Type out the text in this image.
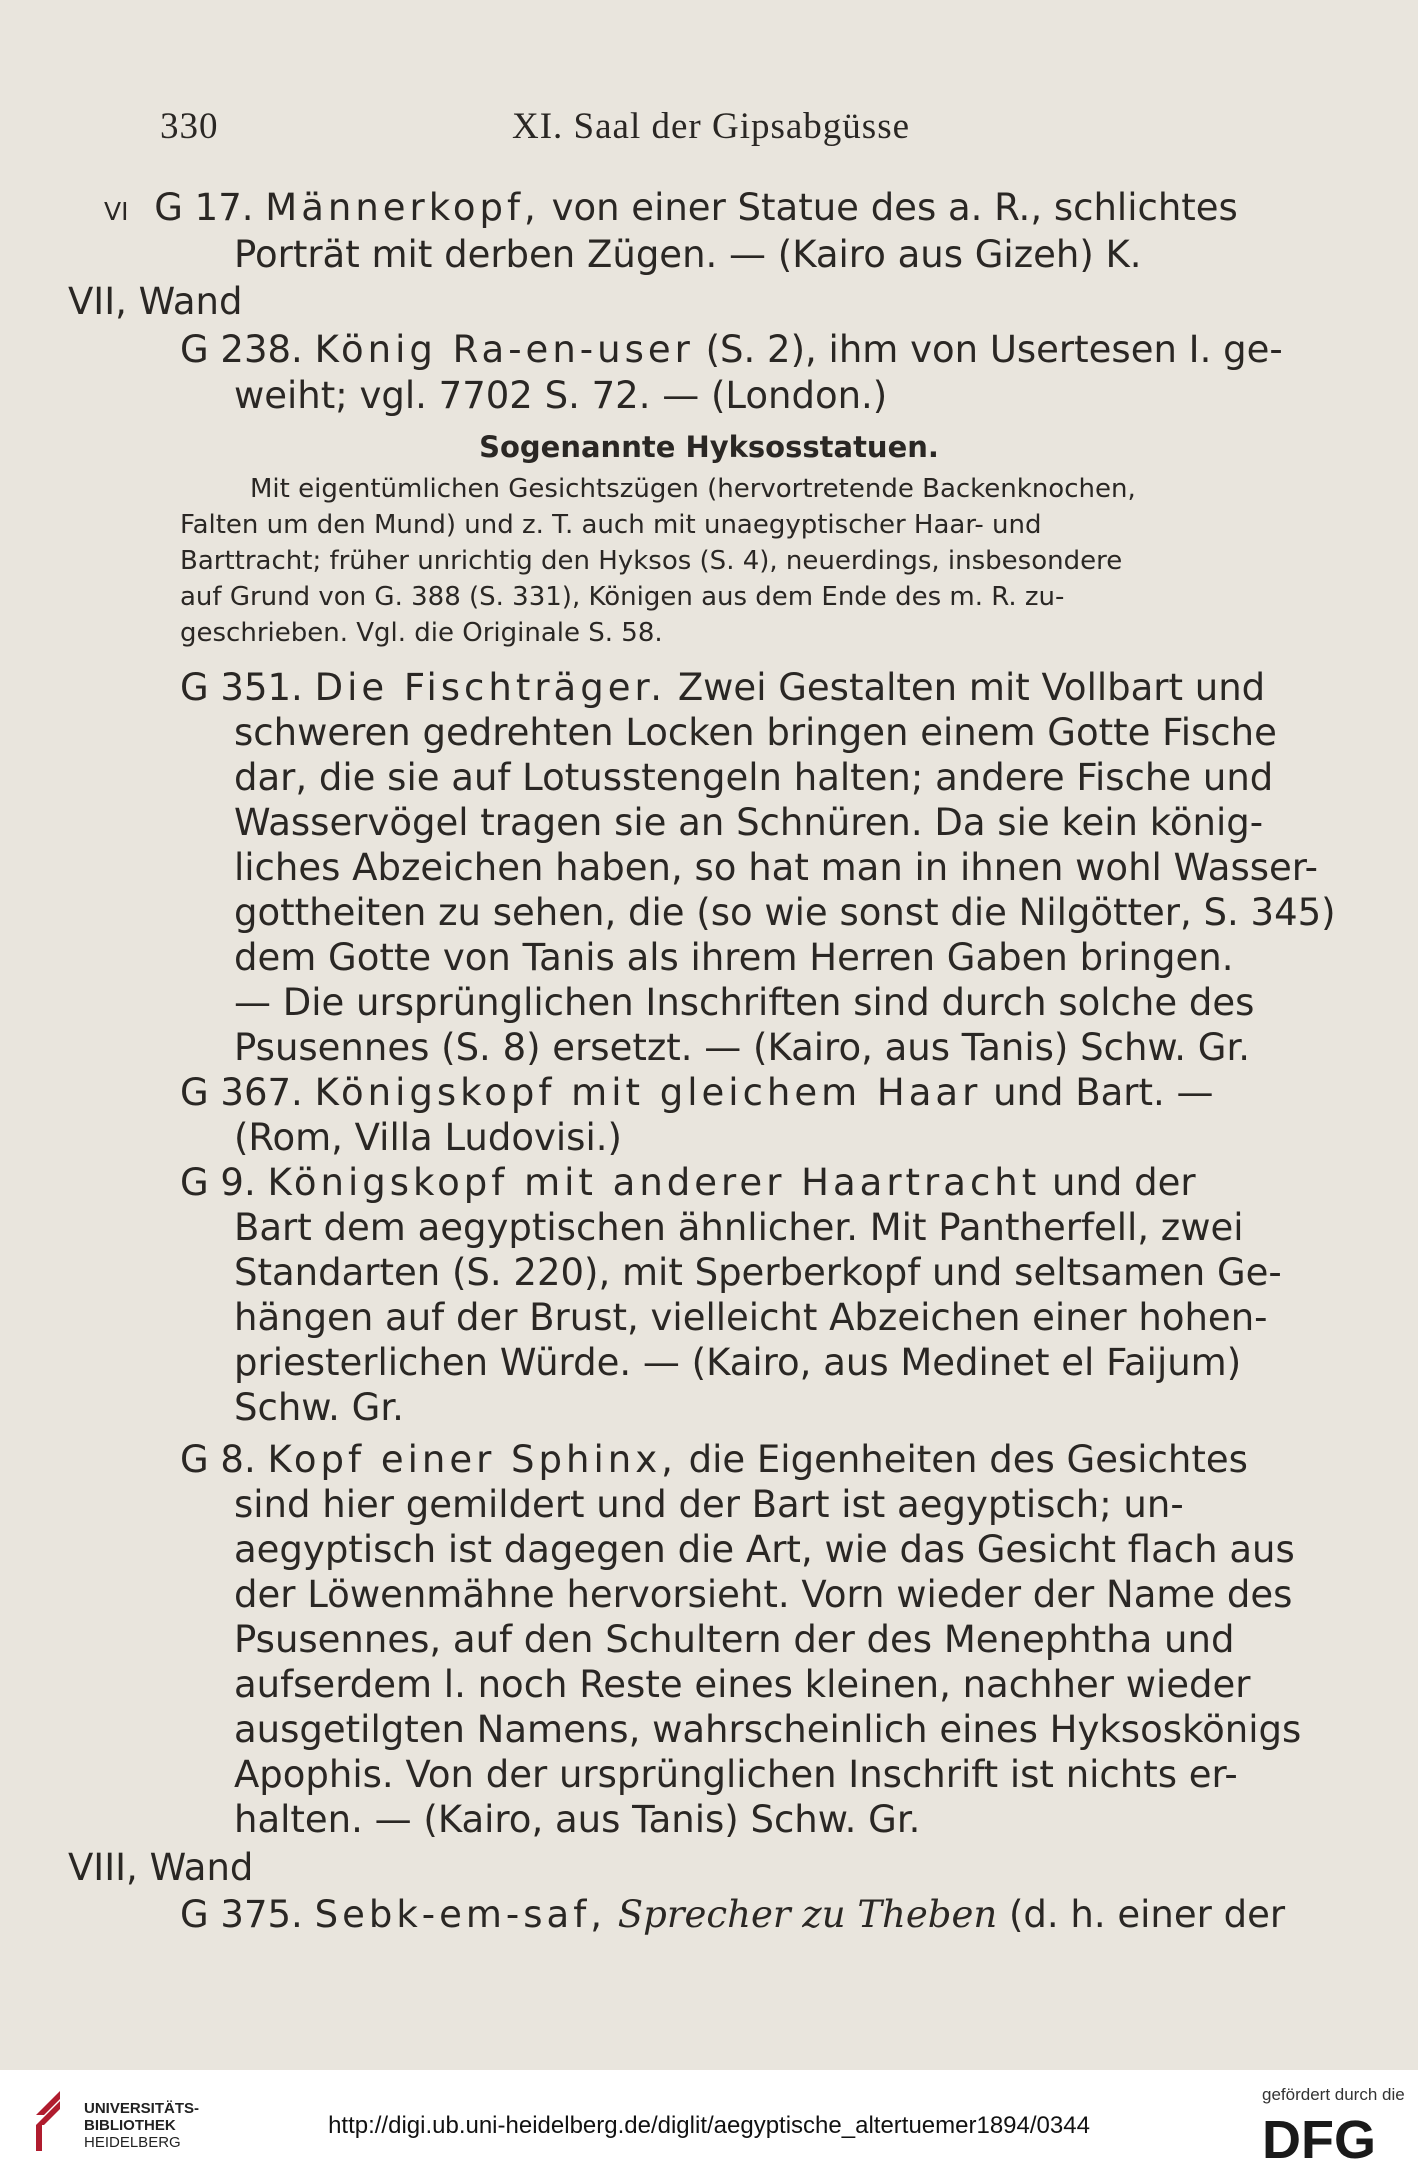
330	XI. Saal der Gipsabgüsse
VI G 17. Männerkopf, von einer Statue des a. R., schlichtes
Porträt mit derben Zügen. — (Kairo aus Gizeh) K.
VII, Wand
G 238. König Ra-en-user (S. 2), ihm von Usertesen I. ge-
weiht; vgl. 7702 S. 72. — (London.)
Sogenannte Hyksosstatuen.
Mit eigentümlichen Gesichtszügen (hervortretende Backenknochen,
Falten um den Mund) und z. T. auch mit unaegyptischer Haar- und
Barttracht; früher unrichtig den Hyksos (S. 4), neuerdings, insbesondere
auf Grund von G. 388 (S. 331), Königen aus dem Ende des m. R. zu-
geschrieben. Vgl. die Originale S. 58.
G 351. Die Fischträger. Zwei Gestalten mit Vollbart und
schweren gedrehten Locken bringen einem Gotte Fische
dar, die sie auf Lotusstengeln halten; andere Fische und
Wasservögel tragen sie an Schnüren. Da sie kein könig-
liches Abzeichen haben, so hat man in ihnen wohl Wasser-
gottheiten zu sehen, die (so wie sonst die Nilgötter, S. 345)
dem Gotte von Tanis als ihrem Herren Gaben bringen.
— Die ursprünglichen Inschriften sind durch solche des
Psusennes (S. 8) ersetzt. — (Kairo, aus Tanis) Schw. Gr.
G 367. Königskopf mit gleichem Haar und Bart. —
(Rom, Villa Ludovisi.)
G 9. Königskopf mit anderer Haartracht und der
Bart dem aegyptischen ähnlicher. Mit Pantherfell, zwei
Standarten (S. 220), mit Sperberkopf und seltsamen Ge-
hängen auf der Brust, vielleicht Abzeichen einer hohen-
priesterlichen Würde. — (Kairo, aus Medinet el Faijum)
Schw. Gr.
G 8. Kopf einer Sphinx, die Eigenheiten des Gesichtes
sind hier gemildert und der Bart ist aegyptisch; un-
aegyptisch ist dagegen die Art, wie das Gesicht flach aus
der Löwenmähne hervorsieht. Vorn wieder der Name des
Psusennes, auf den Schultern der des Menephtha und
aufserdem l. noch Reste eines kleinen, nachher wieder
ausgetilgten Namens, wahrscheinlich eines Hyksoskönigs
Apophis. Von der ursprünglichen Inschrift ist nichts er-
halten. — (Kairo, aus Tanis) Schw. Gr.
VIII, Wand
G 375. Sebk-em-saf, Sprecher zu Theben (d. h. einer der
UNIVERSITÄTS-
BIBLIOTHEK
HEIDELBERG
http://digi.ub.uni-heidelberg.de/diglit/aegyptische_altertuemer1894/0344
gefördert durch die
DFG
